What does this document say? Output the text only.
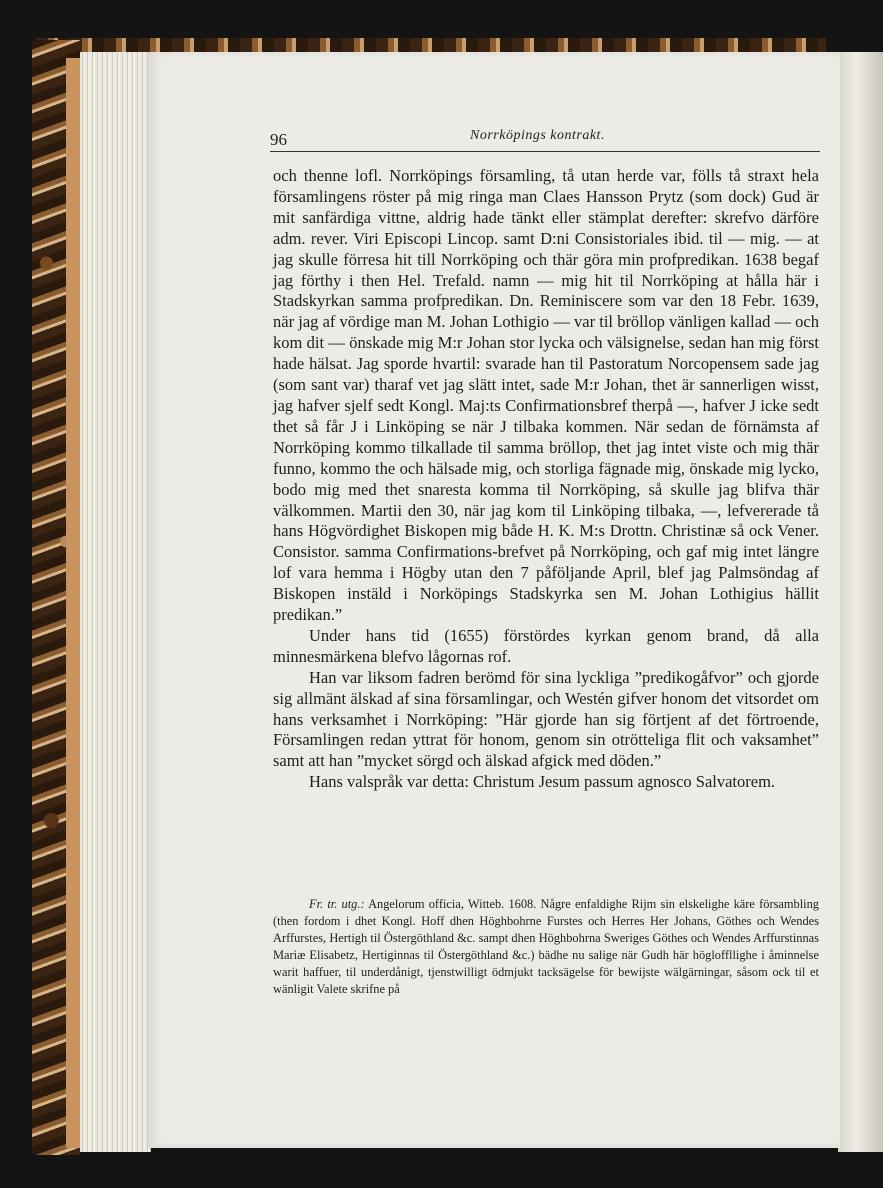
96	Norrköpings kontrakt.

och thenne lofl. Norrköpings församling, tå utan herde var, fölls tå straxt hela församlingens röster på mig ringa man Claes Hansson Prytz (som dock) Gud är mit sanfärdiga vittne, aldrig hade tänkt eller stämplat derefter: skrefvo därföre adm. rever. Viri Episcopi Lincop. samt D:ni Consistoriales ibid. til — mig. — at jag skulle förresa hit till Norrköping och thär göra min profpredikan. 1638 begaf jag förthy i then Hel. Trefald. namn — mig hit til Norrköping at hålla här i Stadskyrkan samma profpredikan. Dn. Reminiscere som var den 18 Febr. 1639, när jag af vördige man M. Johan Lothigio — var til bröllop vänligen kallad — och kom dit — önskade mig M:r Johan stor lycka och välsignelse, sedan han mig först hade hälsat. Jag sporde hvartil: svarade han til Pastoratum Norcopensem sade jag (som sant var) tharaf vet jag slätt intet, sade M:r Johan, thet är sannerligen wisst, jag hafver sjelf sedt Kongl. Maj:ts Confirmationsbref therpå —, hafver J icke sedt thet så får J i Linköping se när J tilbaka kommen. När sedan de förnämsta af Norrköping kommo tilkallade til samma bröllop, thet jag intet viste och mig thär funno, kommo the och hälsade mig, och storliga fägnade mig, önskade mig lycko, bodo mig med thet snaresta komma til Norrköping, så skulle jag blifva thär välkommen. Martii den 30, när jag kom til Linköping tilbaka, —, lefvererade tå hans Högvördighet Biskopen mig både H. K. M:s Drottn. Christinæ så ock Vener. Consistor. samma Confirmations-brefvet på Norrköping, och gaf mig intet längre lof vara hemma i Högby utan den 7 påföljande April, blef jag Palmsöndag af Biskopen instäld i Norköpings Stadskyrka sen M. Johan Lothigius hällit predikan.”

Under hans tid (1655) förstördes kyrkan genom brand, då alla minnesmärkena blefvo lågornas rof.

Han var liksom fadren berömd för sina lyckliga ”predikogåfvor” och gjorde sig allmänt älskad af sina församlingar, och Westén gifver honom det vitsordet om hans verksamhet i Norrköping: ”Här gjorde han sig förtjent af det förtroende, Församlingen redan yttrat för honom, genom sin otrötteliga flit och vaksamhet” samt att han ”mycket sörgd och älskad afgick med döden.”

Hans valspråk var detta: Christum Jesum passum agnosco Salvatorem.

Fr. tr. utg.: Angelorum officia, Witteb. 1608. Någre enfaldighe Rijm sin elskelighe käre försambling (then fordom i dhet Kongl. Hoff dhen Höghbohrne Furstes och Herres Her Johans, Göthes och Wendes Arffurstes, Hertigh til Östergöthland &c. sampt dhen Höghbohrna Sweriges Göthes och Wendes Arffurstinnas Mariæ Elisabetz, Hertiginnas til Östergöthland &c.) bädhe nu salige när Gudh här högloffllighe i åminnelse warit haffuer, til underdånigt, tjenstwilligt ödmjukt tacksägelse för bewijste wälgärningar, såsom ock til et wänligit Valete skrifne på
